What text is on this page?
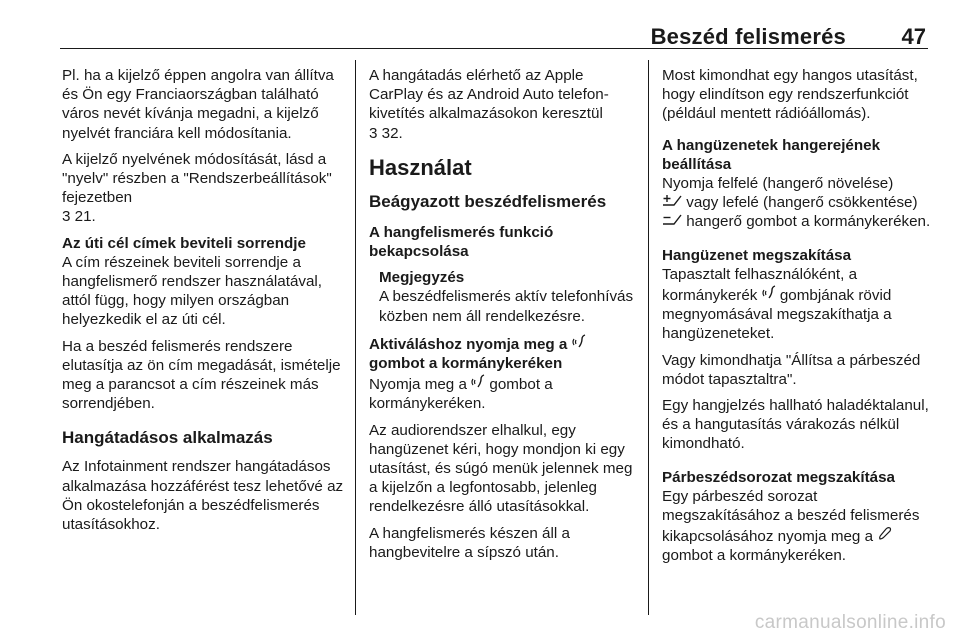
Beszéd felismerés	47

Pl. ha a kijelző éppen angolra van állítva és Ön egy Franciaországban található város nevét kívánja megadni, a kijelző nyelvét franciára kell módosítania.

A kijelző nyelvének módosítását, lásd a "nyelv" részben a "Rendszerbeállítások" fejezetben
3 21.

Az úti cél címek beviteli sorrendje

A cím részeinek beviteli sorrendje a hangfelismerő rendszer használatával, attól függ, hogy milyen országban helyezkedik el az úti cél.

Ha a beszéd felismerés rendszere elutasítja az ön cím megadását, ismételje meg a parancsot a cím részeinek más sorrendjében.

Hangátadásos alkalmazás

Az Infotainment rendszer hangátadásos alkalmazása hozzáférést tesz lehetővé az Ön okostelefonján a beszédfelismerés utasításokhoz.

A hangátadás elérhető az Apple CarPlay és az Android Auto telefon-kivetítés alkalmazásokon keresztül
3 32.

Használat
Beágyazott beszédfelismerés

A hangfelismerés funkció bekapcsolása

Megjegyzés
A beszédfelismerés aktív telefonhívás közben nem áll rendelkezésre.

Aktiváláshoz nyomja meg a
gombot a kormánykeréken

Nyomja meg a gombot a kormánykeréken.

Az audiorendszer elhalkul, egy hangüzenet kéri, hogy mondjon ki egy utasítást, és súgó menük jelennek meg a kijelzőn a legfontosabb, jelenleg rendelkezésre álló utasításokkal.

A hangfelismerés készen áll a hangbevitelre a sípszó után.

Most kimondhat egy hangos utasítást, hogy elindítson egy rendszerfunkciót (például mentett rádióállomás).

A hangüzenetek hangerejének beállítása

Nyomja felfelé (hangerő növelése)
vagy lefelé (hangerő csökkentése)  hangerő gombot a kormánykeréken.

Hangüzenet megszakítása

Tapasztalt felhasználóként, a kormánykerék gombjának rövid megnyomásával megszakíthatja a hangüzeneteket.

Vagy kimondhatja "Állítsa a párbeszéd módot tapasztaltra".

Egy hangjelzés hallható haladéktalanul, és a hangutasítás várakozás nélkül kimondható.

Párbeszédsorozat megszakítása

Egy párbeszéd sorozat megszakításához a beszéd felismerés kikapcsolásához nyomja meg a  gombot a kormánykeréken.

carmanualsonline.info
